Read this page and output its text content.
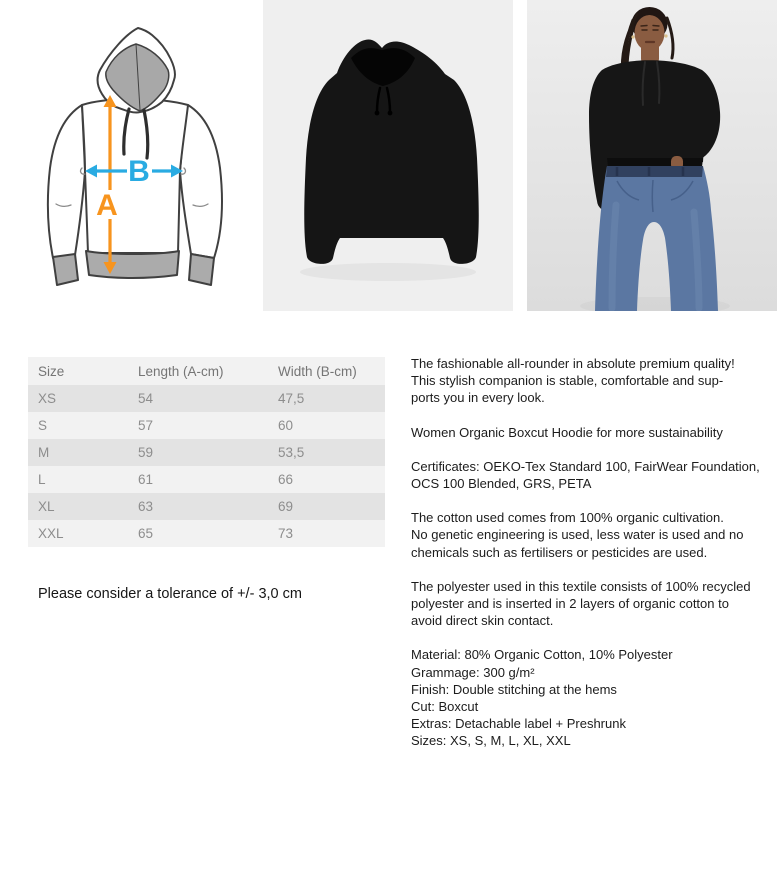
A
B
Size	Length (A-cm)	Width (B-cm)
XS	54	47,5
S	57	60
M	59	53,5
L	61	66
XL	63	69
XXL	65	73

Please consider a tolerance of +/- 3,0 cm

The fashionable all-rounder in absolute premium quality!
This stylish companion is stable, comfortable and sup-
ports you in every look.

Women Organic Boxcut Hoodie for more sustainability

Certificates: OEKO-Tex Standard 100, FairWear Foundation,
OCS 100 Blended, GRS, PETA

The cotton used comes from 100% organic cultivation.
No genetic engineering is used, less water is used and no
chemicals such as fertilisers or pesticides are used.

The polyester used in this textile consists of 100% recycled
polyester and is inserted in 2 layers of organic cotton to
avoid direct skin contact.

Material: 80% Organic Cotton, 10% Polyester
Grammage: 300 g/m²
Finish: Double stitching at the hems
Cut: Boxcut
Extras: Detachable label + Preshrunk
Sizes: XS, S, M, L, XL, XXL
